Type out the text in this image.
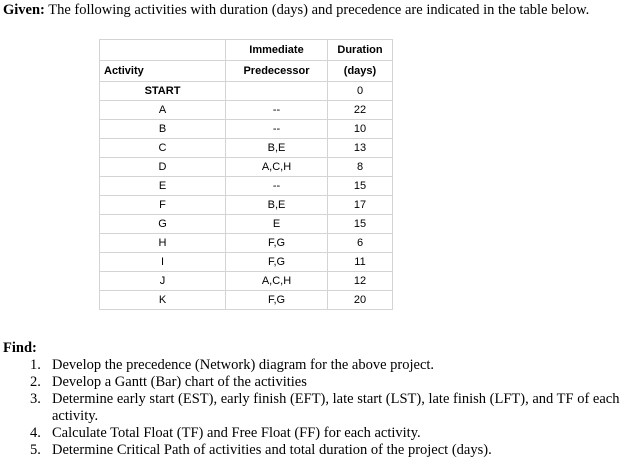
Given: The following activities with duration (days) and precedence are indicated in the table below.
	Immediate	Duration
Activity	Predecessor	(days)
START		0
A	--	22
B	--	10
C	B,E	13
D	A,C,H	8
E	--	15
F	B,E	17
G	E	15
H	F,G	6
I	F,G	11
J	A,C,H	12
K	F,G	20
Find:
1. Develop the precedence (Network) diagram for the above project.
2. Develop a Gantt (Bar) chart of the activities
3. Determine early start (EST), early finish (EFT), late start (LST), late finish (LFT), and TF of each activity.
4. Calculate Total Float (TF) and Free Float (FF) for each activity.
5. Determine Critical Path of activities and total duration of the project (days).
